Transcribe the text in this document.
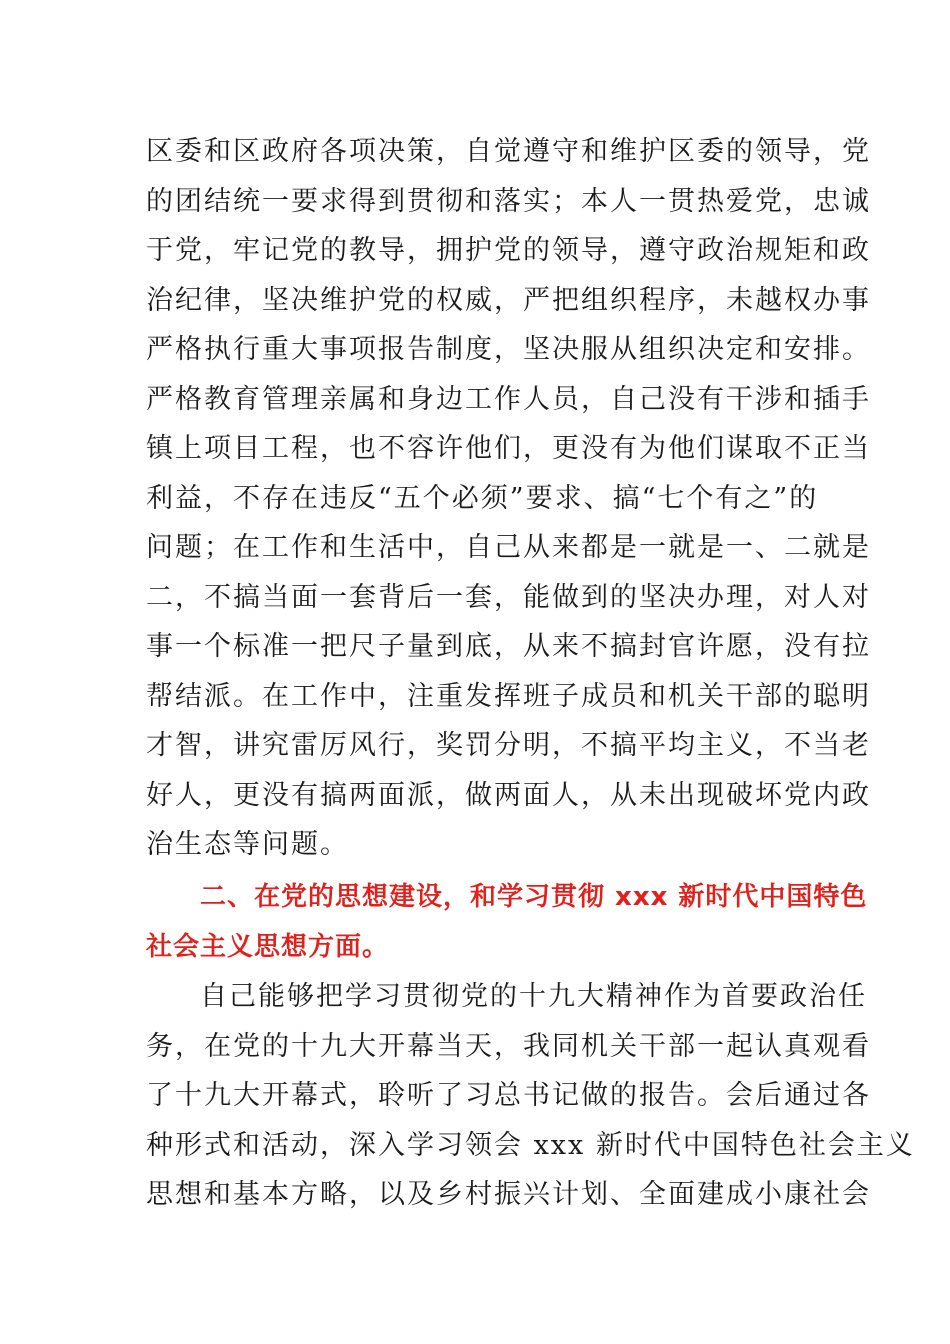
区委和区政府各项决策，自觉遵守和维护区委的领导，党
的团结统一要求得到贯彻和落实；本人一贯热爱党，忠诚
于党，牢记党的教导，拥护党的领导，遵守政治规矩和政
治纪律，坚决维护党的权威，严把组织程序，未越权办事
严格执行重大事项报告制度，坚决服从组织决定和安排。
严格教育管理亲属和身边工作人员，自己没有干涉和插手
镇上项目工程，也不容许他们，更没有为他们谋取不正当
利益，不存在违反“五个必须”要求、搞“七个有之”的
问题；在工作和生活中，自己从来都是一就是一、二就是
二，不搞当面一套背后一套，能做到的坚决办理，对人对
事一个标准一把尺子量到底，从来不搞封官许愿，没有拉
帮结派。在工作中，注重发挥班子成员和机关干部的聪明
才智，讲究雷厉风行，奖罚分明，不搞平均主义，不当老
好人，更没有搞两面派，做两面人，从未出现破坏党内政
治生态等问题。
二、在党的思想建设，和学习贯彻 xxx 新时代中国特色
社会主义思想方面。
自己能够把学习贯彻党的十九大精神作为首要政治任
务，在党的十九大开幕当天，我同机关干部一起认真观看
了十九大开幕式，聆听了习总书记做的报告。会后通过各
种形式和活动，深入学习领会 xxx 新时代中国特色社会主义
思想和基本方略，以及乡村振兴计划、全面建成小康社会
